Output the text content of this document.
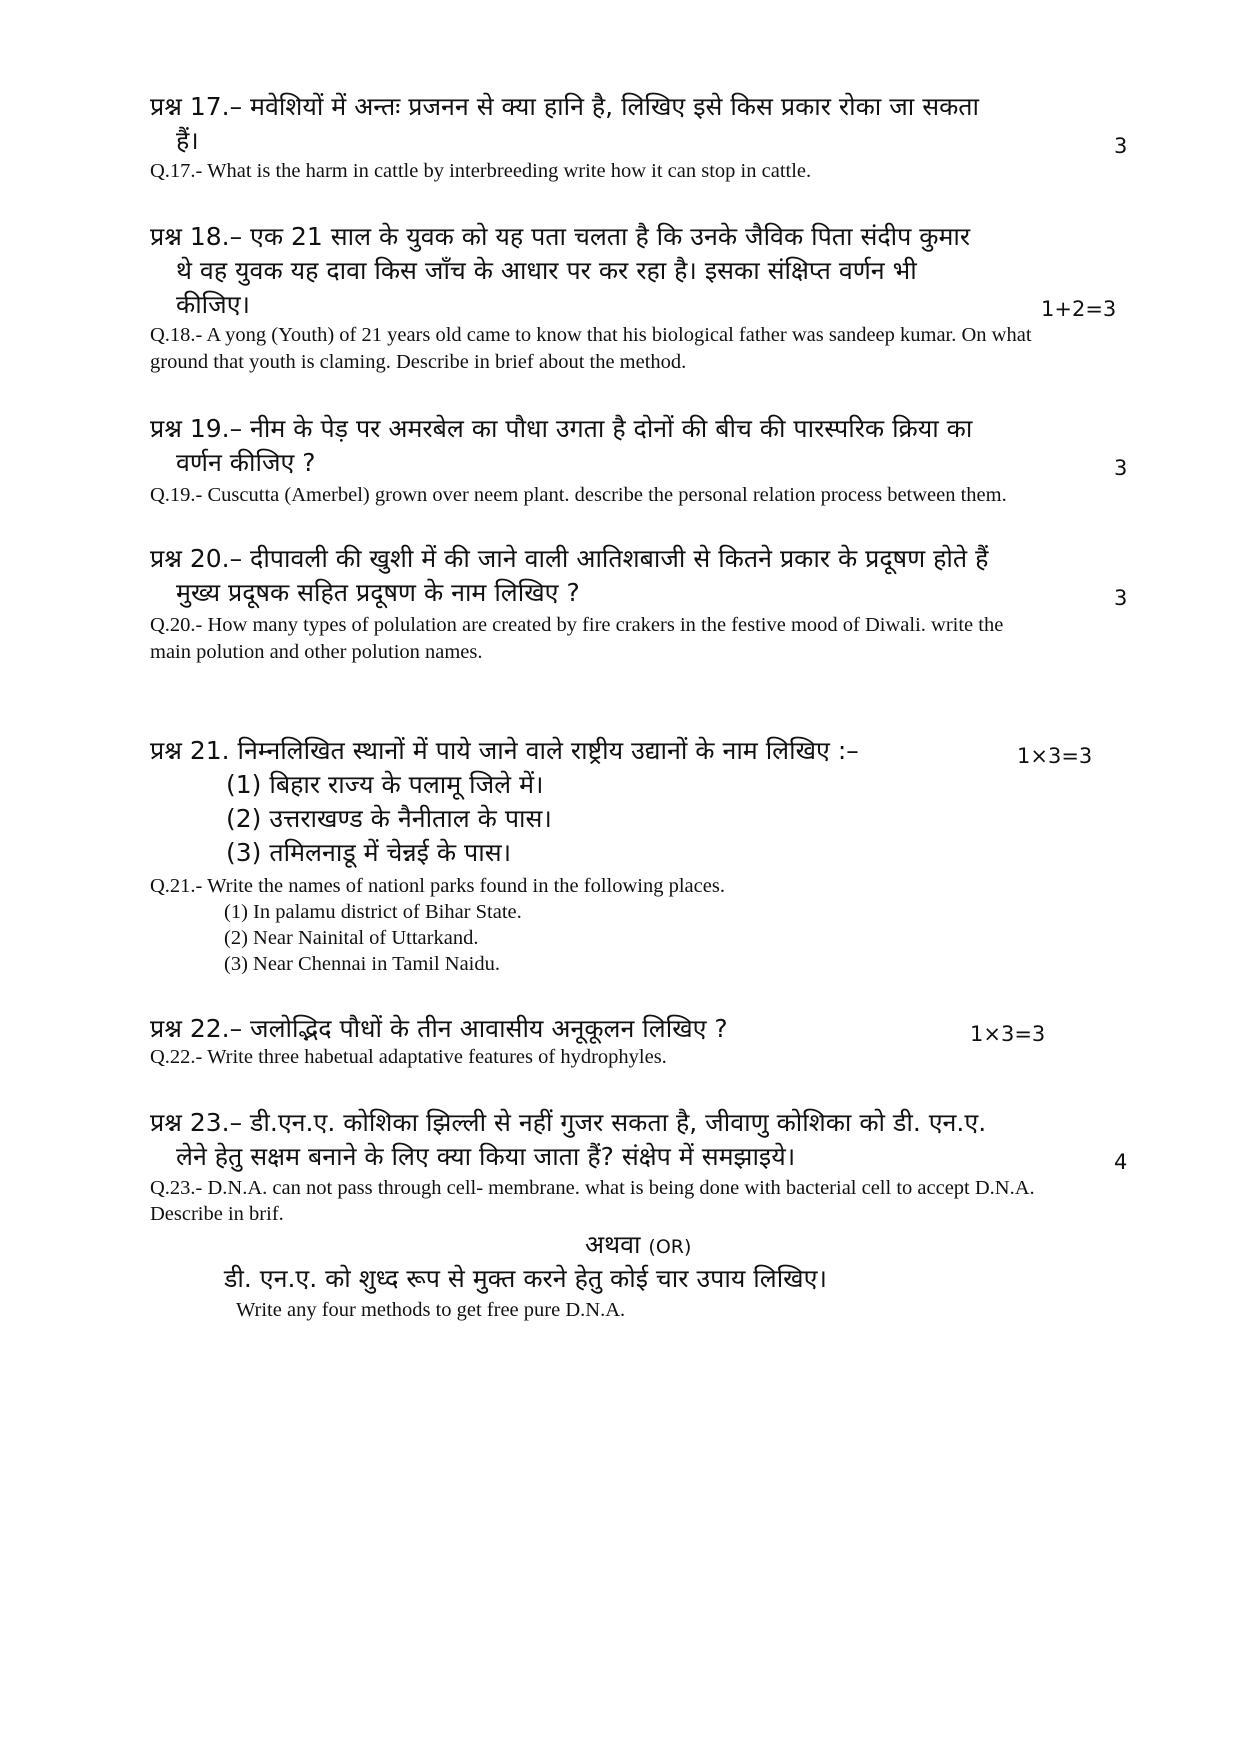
प्रश्न 17.– मवेशियों में अन्तः प्रजनन से क्या हानि है, लिखिए इसे किस प्रकार रोका जा सकता
हैं।	3
Q.17.- What is the harm in cattle by interbreeding write how it can stop in cattle.
प्रश्न 18.– एक 21 साल के युवक को यह पता चलता है कि उनके जैविक पिता संदीप कुमार
थे वह युवक यह दावा किस जाँच के आधार पर कर रहा है। इसका संक्षिप्त वर्णन भी
कीजिए।	1+2=3
Q.18.- A yong (Youth) of 21 years old came to know that his biological father was sandeep kumar. On what
ground that youth is claming. Describe in brief about the method.
प्रश्न 19.– नीम के पेड़ पर अमरबेल का पौधा उगता है दोनों की बीच की पारस्परिक क्रिया का
वर्णन कीजिए ?	3
Q.19.- Cuscutta (Amerbel) grown over neem plant. describe the personal relation process between them.
प्रश्न 20.– दीपावली की खुशी में की जाने वाली आतिशबाजी से कितने प्रकार के प्रदूषण होते हैं
मुख्य प्रदूषक सहित प्रदूषण के नाम लिखिए ?	3
Q.20.- How many types of polulation are created by fire crakers in the festive mood of Diwali. write the
main polution and other polution names.
प्रश्न 21. निम्नलिखित स्थानों में पाये जाने वाले राष्ट्रीय उद्यानों के नाम लिखिए :–	1×3=3
(1) बिहार राज्य के पलामू जिले में।
(2) उत्तराखण्ड के नैनीताल के पास।
(3) तमिलनाडू में चेन्नई के पास।
Q.21.- Write the names of nationl parks found in the following places.
(1) In palamu district of Bihar State.
(2) Near Nainital of Uttarkand.
(3) Near Chennai in Tamil Naidu.
प्रश्न 22.– जलोद्भिद पौधों के तीन आवासीय अनूकूलन लिखिए ?	1×3=3
Q.22.- Write three habetual adaptative features of hydrophyles.
प्रश्न 23.– डी.एन.ए. कोशिका झिल्ली से नहीं गुजर सकता है, जीवाणु कोशिका को डी. एन.ए.
लेने हेतु सक्षम बनाने के लिए क्या किया जाता हैं? संक्षेप में समझाइये।	4
Q.23.- D.N.A. can not pass through cell- membrane. what is being done with bacterial cell to accept D.N.A.
Describe in brif.
अथवा (OR)
डी. एन.ए. को शुध्द रूप से मुक्त करने हेतु कोई चार उपाय लिखिए।
Write any four methods to get free pure D.N.A.
